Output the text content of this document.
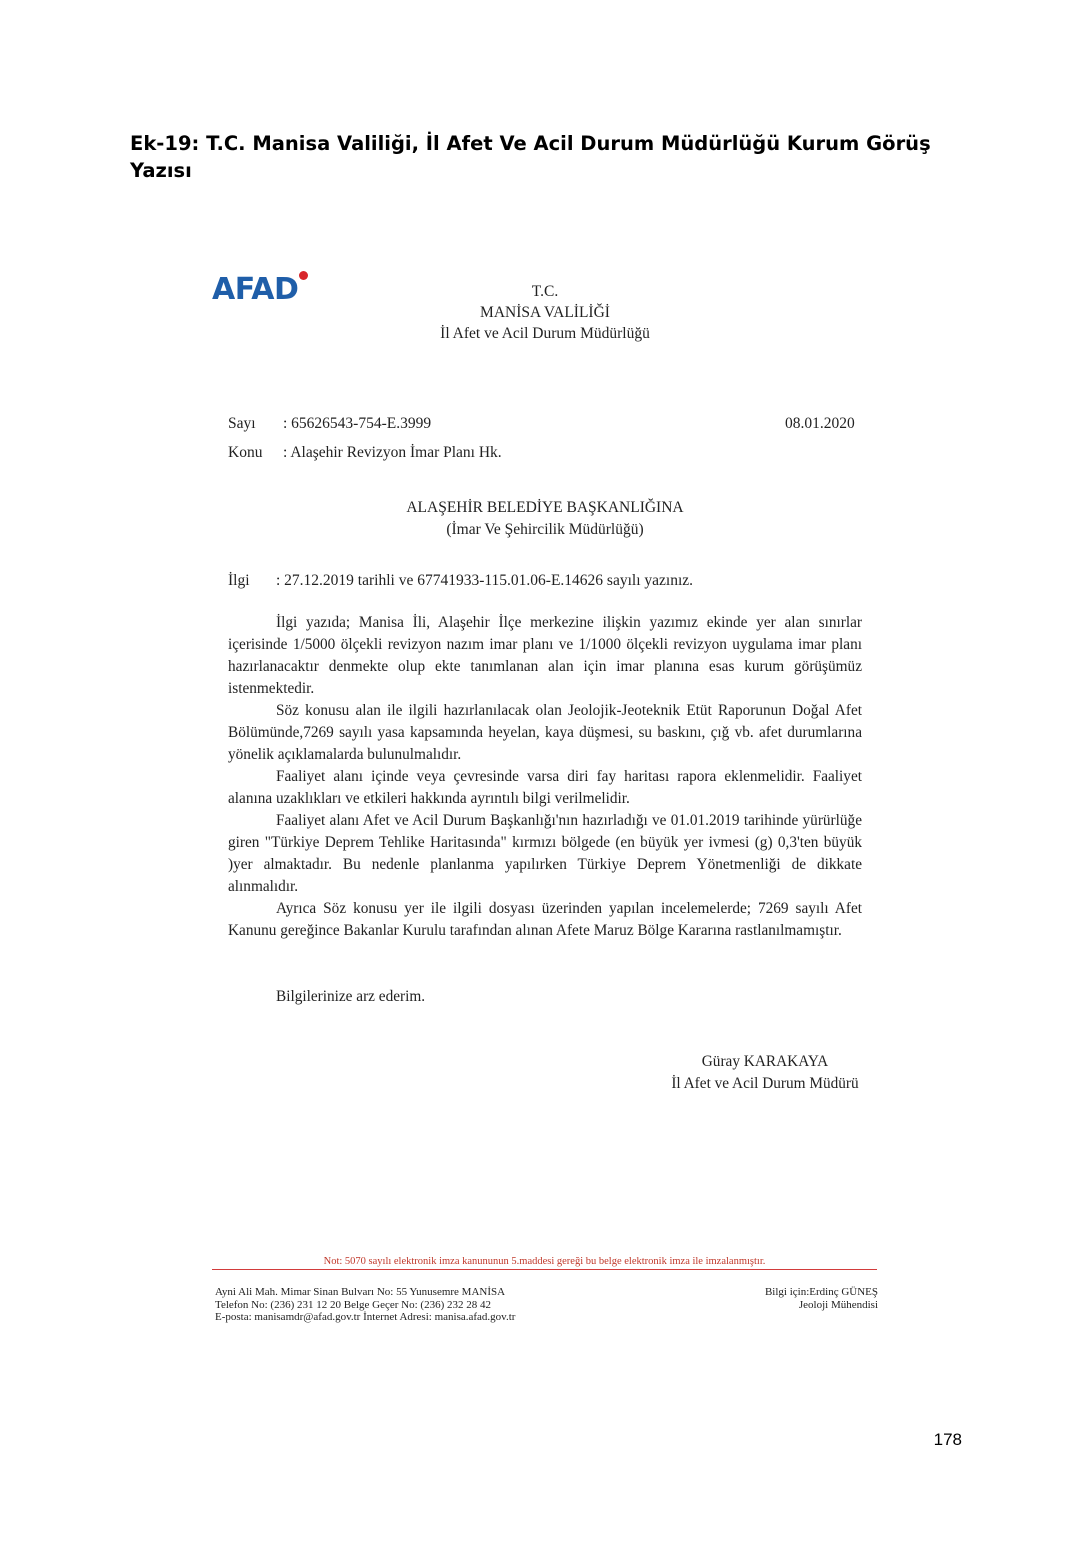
Ek-19: T.C. Manisa Valiliği, İl Afet Ve Acil Durum Müdürlüğü Kurum Görüş Yazısı
AFAD	T.C.
MANİSA VALİLİĞİ
İl Afet ve Acil Durum Müdürlüğü
Sayı : 65626543-754-E.3999	08.01.2020
Konu : Alaşehir Revizyon İmar Planı Hk.
ALAŞEHİR BELEDİYE BAŞKANLIĞINA
(İmar Ve Şehircilik Müdürlüğü)
İlgi : 27.12.2019 tarihli ve 67741933-115.01.06-E.14626 sayılı yazınız.

İlgi yazıda; Manisa İli, Alaşehir İlçe merkezine ilişkin yazımız ekinde yer alan sınırlar içerisinde 1/5000 ölçekli revizyon nazım imar planı ve 1/1000 ölçekli revizyon uygulama imar planı hazırlanacaktır denmekte olup ekte tanımlanan alan için imar planına esas kurum görüşümüz istenmektedir.

Söz konusu alan ile ilgili hazırlanılacak olan Jeolojik-Jeoteknik Etüt Raporunun Doğal Afet Bölümünde,7269 sayılı yasa kapsamında heyelan, kaya düşmesi, su baskını, çığ vb. afet durumlarına yönelik açıklamalarda bulunulmalıdır.

Faaliyet alanı içinde veya çevresinde varsa diri fay haritası rapora eklenmelidir. Faaliyet alanına uzaklıkları ve etkileri hakkında ayrıntılı bilgi verilmelidir.

Faaliyet alanı Afet ve Acil Durum Başkanlığı'nın hazırladığı ve 01.01.2019 tarihinde yürürlüğe giren "Türkiye Deprem Tehlike Haritasında" kırmızı bölgede (en büyük yer ivmesi (g) 0,3'ten büyük )yer almaktadır. Bu nedenle planlanma yapılırken Türkiye Deprem Yönetmenliği de dikkate alınmalıdır.

Ayrıca Söz konusu yer ile ilgili dosyası üzerinden yapılan incelemelerde; 7269 sayılı Afet Kanunu gereğince Bakanlar Kurulu tarafından alınan Afete Maruz Bölge Kararına rastlanılmamıştır.

Bilgilerinize arz ederim.
Güray KARAKAYA
İl Afet ve Acil Durum Müdürü
Not: 5070 sayılı elektronik imza kanununun 5.maddesi gereği bu belge elektronik imza ile imzalanmıştır.
Ayni Ali Mah. Mimar Sinan Bulvarı No: 55 Yunusemre MANİSA
Telefon No: (236) 231 12 20 Belge Geçer No: (236) 232 28 42
E-posta: manisamdr@afad.gov.tr İnternet Adresi: manisa.afad.gov.tr
Bilgi için:Erdinç GÜNEŞ
Jeoloji Mühendisi
178
